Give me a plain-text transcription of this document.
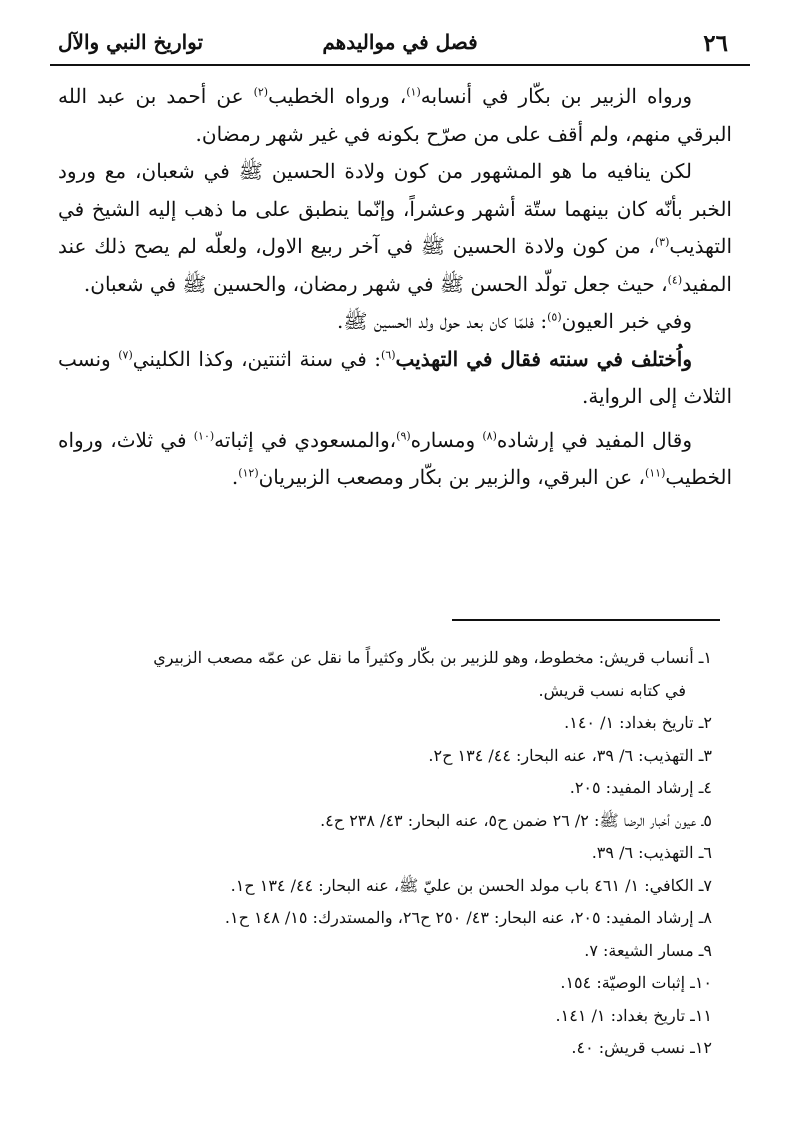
٢٦
فصل في مواليدهم
تواريخ النبي والآل

ورواه الزبير بن بكّار في أنسابه$^{(١)}$، ورواه الخطيب$^{(٢)}$ عن أحمد بن عبد الله البرقي منهم، ولم أقف على من صرّح بكونه في غير شهر رمضان.

لكن ينافيه ما هو المشهور من كون ولادة الحسين ﷺ في شعبان، مع ورود الخبر بأنّه كان بينهما ستّة أشهر وعشراً، وإنّما ينطبق على ما ذهب إليه الشيخ في التهذيب$^{(٣)}$، من كون ولادة الحسين ﷺ في آخر ربيع الاول، ولعلّه لم يصح ذلك عند المفيد$^{(٤)}$، حيث جعل تولّد الحسن ﷺ في شهر رمضان، والحسين ﷺ في شعبان.

وفي خبر العيون$^{(٥)}$: فلمّا كان بعد حول ولد الحسين ﷺ.

واُختلف في سنته فقال في التهذيب$^{(٦)}$: في سنة اثنتين، وكذا الكليني$^{(٧)}$ ونسب الثلاث إلى الرواية.

وقال المفيد في إرشاده$^{(٨)}$ ومساره$^{(٩)}$،والمسعودي في إثباته$^{(١٠)}$ في ثلاث، ورواه الخطيب$^{(١١)}$، عن البرقي، والزبير بن بكّار ومصعب الزبيريان$^{(١٢)}$.

١ـ أنساب قريش: مخطوط، وهو للزبير بن بكّار وكثيراً ما نقل عن عمّه مصعب الزبيري
في كتابه نسب قريش.
٢ـ تاريخ بغداد: ١/ ١٤٠.
٣ـ التهذيب: ٦/ ٣٩، عنه البحار: ٤٤/ ١٣٤ ح٢.
٤ـ إرشاد المفيد: ٢٠٥.
٥ـ عيون أخبار الرضا ﷺ: ٢/ ٢٦ ضمن ح٥، عنه البحار: ٤٣/ ٢٣٨ ح٤.
٦ـ التهذيب: ٦/ ٣٩.
٧ـ الكافي: ١/ ٤٦١ باب مولد الحسن بن عليّ ﷺ، عنه البحار: ٤٤/ ١٣٤ ح١.
٨ـ إرشاد المفيد: ٢٠٥، عنه البحار: ٤٣/ ٢٥٠ ح٢٦، والمستدرك: ١٥/ ١٤٨ ح١.
٩ـ مسار الشيعة: ٧.
١٠ـ إثبات الوصيّة: ١٥٤.
١١ـ تاريخ بغداد: ١/ ١٤١.
١٢ـ نسب قريش: ٤٠.
